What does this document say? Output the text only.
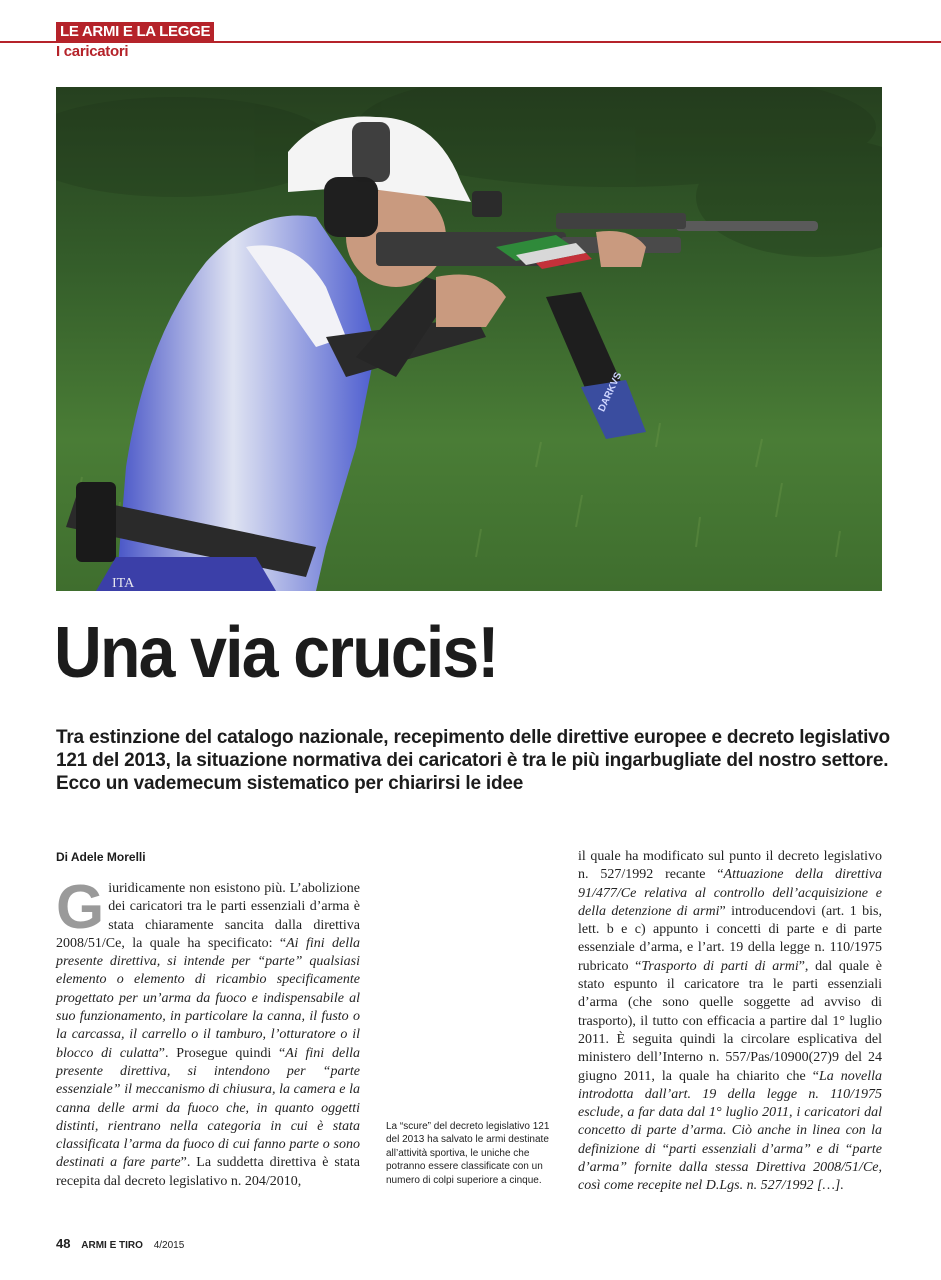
LE ARMI E LA LEGGE
I caricatori
DARKVS
ITA
Una via crucis!

Tra estinzione del catalogo nazionale, recepimento delle direttive europee e decreto legislativo 121 del 2013, la situazione normativa dei caricatori è tra le più ingarbugliate del nostro settore. Ecco un vademecum sistematico per chiarirsi le idee

Di Adele Morelli

Giuridicamente non esistono più. L’abolizione dei caricatori tra le parti essenziali d’arma è stata chiaramente sancita dalla direttiva 2008/51/Ce, la quale ha specificato: “Ai fini della presente direttiva, si intende per “parte” qualsiasi elemento o elemento di ricambio specificamente progettato per un’arma da fuoco e indispensabile al suo funzionamento, in particolare la canna, il fusto o la carcassa, il carrello o il tamburo, l’otturatore o il blocco di culatta”. Prosegue quindi “Ai fini della presente direttiva, si intendono per “parte essenziale” il meccanismo di chiusura, la camera e la canna delle armi da fuoco che, in quanto oggetti distinti, rientrano nella categoria in cui è stata classificata l’arma da fuoco di cui fanno parte o sono destinati a fare parte”. La suddetta direttiva è stata recepita dal decreto legislativo n. 204/2010,

La “scure” del decreto legislativo 121 del 2013 ha salvato le armi destinate all’attività sportiva, le uniche che potranno essere classificate con un numero di colpi superiore a cinque.

il quale ha modificato sul punto il decreto legislativo n. 527/1992 recante “Attuazione della direttiva 91/477/Ce relativa al controllo dell’acquisizione e della detenzione di armi” introducendovi (art. 1 bis, lett. b e c) appunto i concetti di parte e di parte essenziale d’arma, e l’art. 19 della legge n. 110/1975 rubricato “Trasporto di parti di armi”, dal quale è stato espunto il caricatore tra le parti essenziali d’arma (che sono quelle soggette ad avviso di trasporto), il tutto con efficacia a partire dal 1° luglio 2011. È seguita quindi la circolare esplicativa del ministero dell’Interno n. 557/Pas/10900(27)9 del 24 giugno 2011, la quale ha chiarito che “La novella introdotta dall’art. 19 della legge n. 110/1975 esclude, a far data dal 1° luglio 2011, i caricatori dal concetto di parte d’arma. Ciò anche in linea con la definizione di “parti essenziali d’arma” e di “parte d’arma” fornite dalla stessa Direttiva 2008/51/Ce, così come recepite nel D.Lgs. n. 527/1992 […].

48 ARMI E TIRO 4/2015
